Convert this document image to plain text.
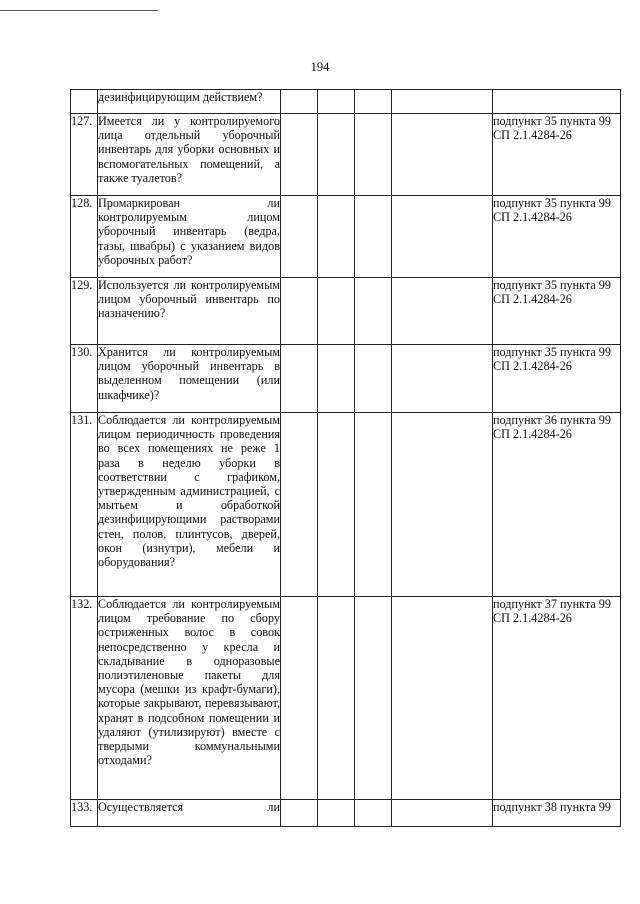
194
	дезинфицирующим действием?					
127.	Имеется ли у контролируемого лица отдельный уборочный инвентарь для уборки основных и вспомогательных помещений, а также туалетов?					подпункт 35 пункта 99 СП 2.1.4284-26
128.	Промаркирован ли контролируемым лицом уборочный инвентарь (ведра, тазы, швабры) с указанием видов уборочных работ?					подпункт 35 пункта 99 СП 2.1.4284-26
129.	Используется ли контролируемым лицом уборочный инвентарь по назначению?					подпункт 35 пункта 99 СП 2.1.4284-26
130.	Хранится ли контролируемым лицом уборочный инвентарь в выделенном помещении (или шкафчике)?					подпункт 35 пункта 99 СП 2.1.4284-26
131.	Соблюдается ли контролируемым лицом периодичность проведения во всех помещениях не реже 1 раза в неделю уборки в соответствии с графиком, утвержденным администрацией, с мытьем и обработкой дезинфицирующими растворами стен, полов, плинтусов, дверей, окон (изнутри), мебели и оборудования?					подпункт 36 пункта 99 СП 2.1.4284-26
132.	Соблюдается ли контролируемым лицом требование по сбору остриженных волос в совок непосредственно у кресла и складывание в одноразовые полиэтиленовые пакеты для мусора (мешки из крафт-бумаги), которые закрывают, перевязывают, хранят в подсобном помещении и удаляют (утилизируют) вместе с твердыми коммунальными отходами?					подпункт 37 пункта 99 СП 2.1.4284-26
133.	Осуществляется ли					подпункт 38 пункта 99
